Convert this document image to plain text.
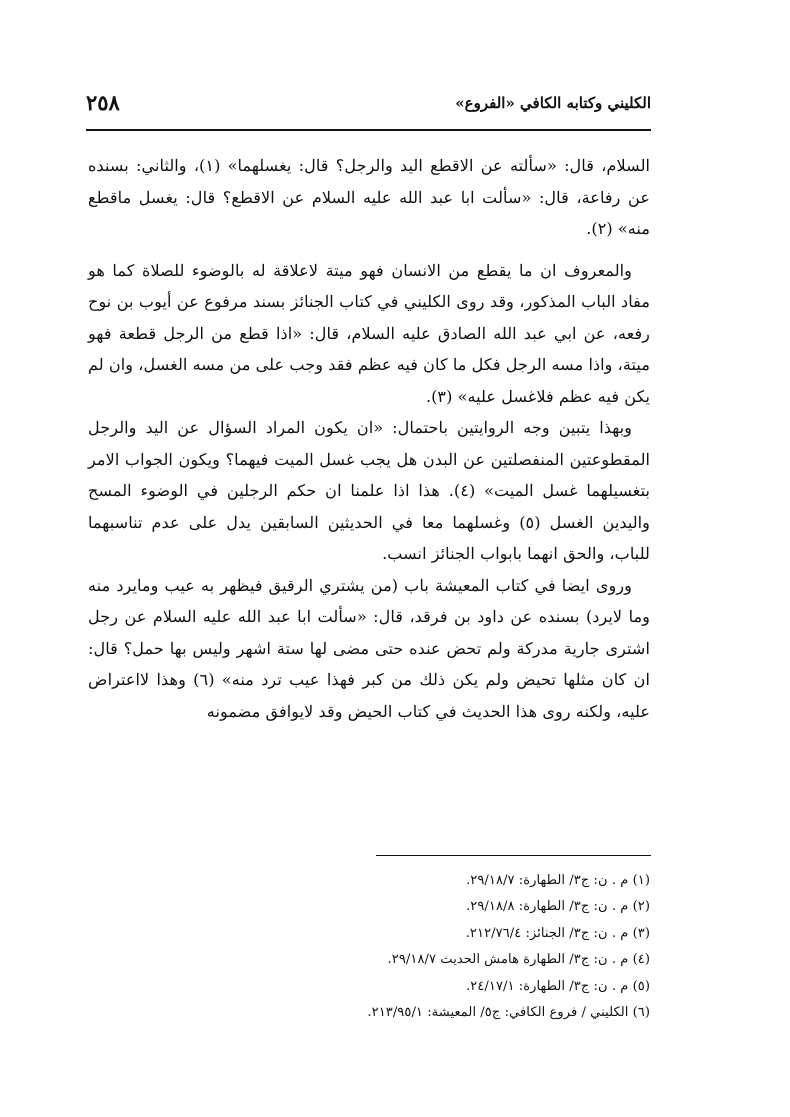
الكليني وكتابه الكافي «الفروع»
٢٥٨

السلام، قال: «سألته عن الاقطع اليد والرجل؟ قال: يغسلهما» (١)، والثاني: بسنده عن رفاعة، قال: «سألت ابا عبد الله عليه السلام عن الاقطع؟ قال: يغسل ماقطع منه» (٢).

والمعروف ان ما يقطع من الانسان فهو ميتة لاعلاقة له بالوضوء للصلاة كما هو مفاد الباب المذكور، وقد روى الكليني في كتاب الجنائز بسند مرفوع عن أيوب بن نوح رفعه، عن ابي عبد الله الصادق عليه السلام، قال: «اذا قطع من الرجل قطعة فهو ميتة، واذا مسه الرجل فكل ما كان فيه عظم فقد وجب على من مسه الغسل، وان لم يكن فيه عظم فلاغسل عليه» (٣).

وبهذا يتبين وجه الروايتين باحتمال: «ان يكون المراد السؤال عن اليد والرجل المقطوعتين المنفصلتين عن البدن هل يجب غسل الميت فيهما؟ ويكون الجواب الامر بتغسيلهما غسل الميت» (٤). هذا اذا علمنا ان حكم الرجلين في الوضوء المسح واليدين الغسل (٥) وغسلهما معا في الحديثين السابقين يدل على عدم تناسبهما للباب، والحق انهما بابواب الجنائز انسب.

وروى ايضا في كتاب المعيشة باب (من يشتري الرقيق فيظهر به عيب ومايرد منه وما لايرد) بسنده عن داود بن فرقد، قال: «سألت ابا عبد الله عليه السلام عن رجل اشترى جارية مدركة ولم تحض عنده حتى مضى لها ستة اشهر وليس بها حمل؟ قال: ان كان مثلها تحيض ولم يكن ذلك من كبر فهذا عيب ترد منه» (٦) وهذا لااعتراض عليه، ولكنه روى هذا الحديث في كتاب الحيض وقد لايوافق مضمونه

(١) م . ن: ج٣/ الطهارة: ٢٩/١٨/٧.
(٢) م . ن: ج٣/ الطهارة: ٢٩/١٨/٨.
(٣) م . ن: ج٣/ الجنائز: ٢١٢/٧٦/٤.
(٤) م . ن: ج٣/ الطهارة هامش الحديث ٢٩/١٨/٧.
(٥) م . ن: ج٣/ الطهارة: ٢٤/١٧/١.
(٦) الكليني / فروع الكافي: ج٥/ المعيشة: ٢١٣/٩٥/١.
